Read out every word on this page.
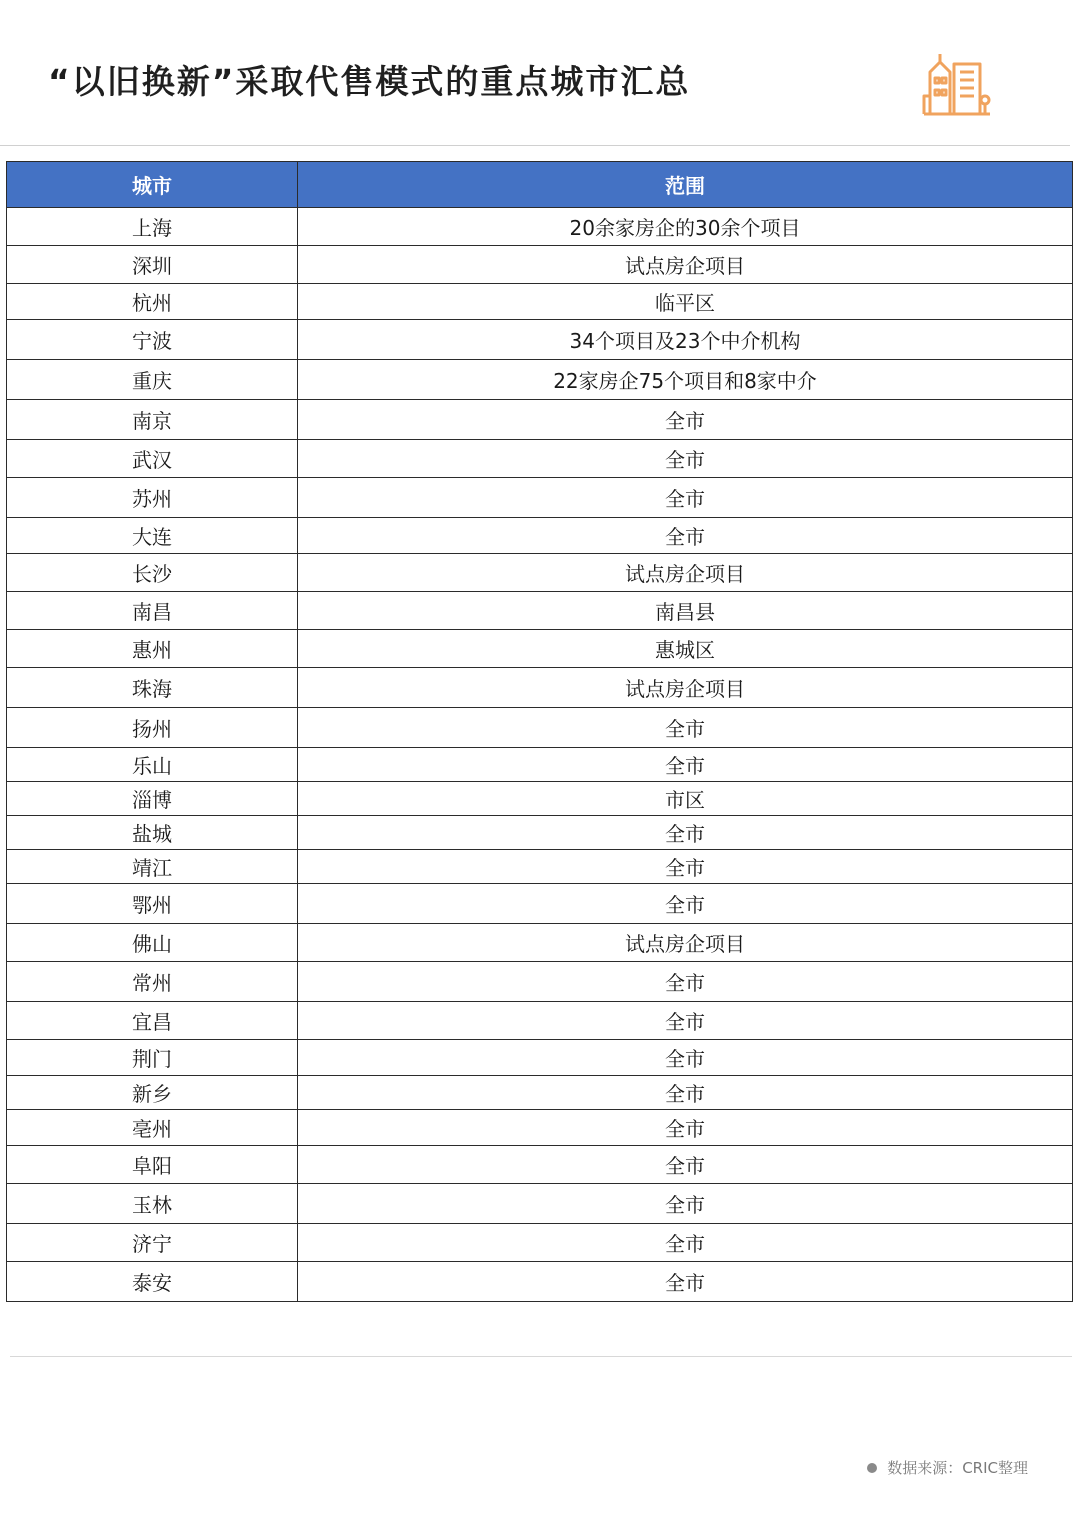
“以旧换新”采取代售模式的重点城市汇总
城市	范围
上海	20余家房企的30余个项目
深圳	试点房企项目
杭州	临平区
宁波	34个项目及23个中介机构
重庆	22家房企75个项目和8家中介
南京	全市
武汉	全市
苏州	全市
大连	全市
长沙	试点房企项目
南昌	南昌县
惠州	惠城区
珠海	试点房企项目
扬州	全市
乐山	全市
淄博	市区
盐城	全市
靖江	全市
鄂州	全市
佛山	试点房企项目
常州	全市
宜昌	全市
荆门	全市
新乡	全市
亳州	全市
阜阳	全市
玉林	全市
济宁	全市
泰安	全市
数据来源：CRIC整理
